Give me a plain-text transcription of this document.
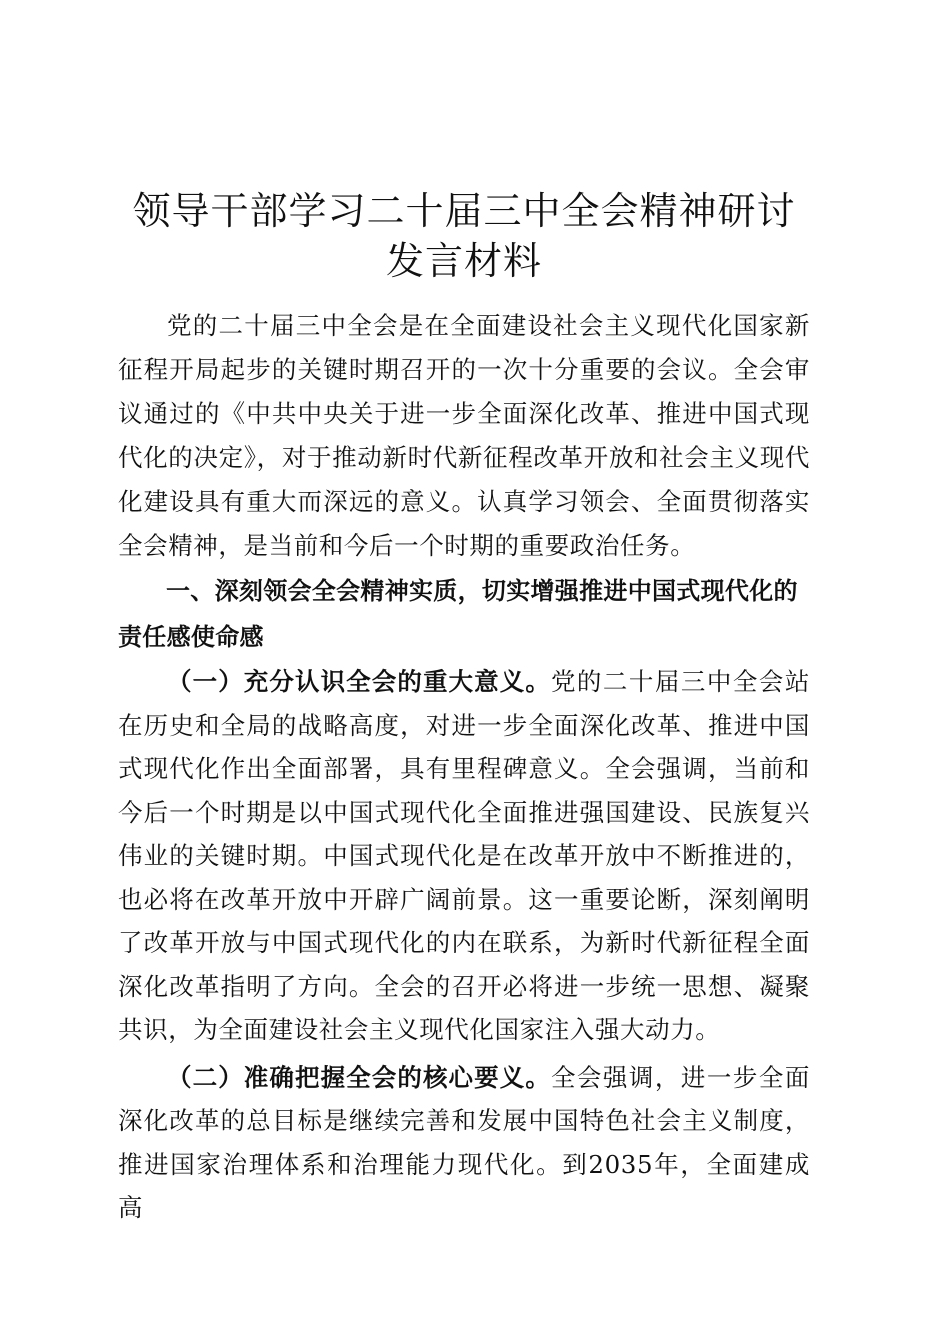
领导干部学习二十届三中全会精神研讨发言材料

党的二十届三中全会是在全面建设社会主义现代化国家新征程开局起步的关键时期召开的一次十分重要的会议。全会审议通过的《中共中央关于进一步全面深化改革、推进中国式现代化的决定》，对于推动新时代新征程改革开放和社会主义现代化建设具有重大而深远的意义。认真学习领会、全面贯彻落实全会精神，是当前和今后一个时期的重要政治任务。

一、深刻领会全会精神实质，切实增强推进中国式现代化的责任感使命感

（一）充分认识全会的重大意义。党的二十届三中全会站在历史和全局的战略高度，对进一步全面深化改革、推进中国式现代化作出全面部署，具有里程碑意义。全会强调，当前和今后一个时期是以中国式现代化全面推进强国建设、民族复兴伟业的关键时期。中国式现代化是在改革开放中不断推进的，也必将在改革开放中开辟广阔前景。这一重要论断，深刻阐明了改革开放与中国式现代化的内在联系，为新时代新征程全面深化改革指明了方向。全会的召开必将进一步统一思想、凝聚共识，为全面建设社会主义现代化国家注入强大动力。

（二）准确把握全会的核心要义。全会强调，进一步全面深化改革的总目标是继续完善和发展中国特色社会主义制度，推进国家治理体系和治理能力现代化。到2035年，全面建成高
